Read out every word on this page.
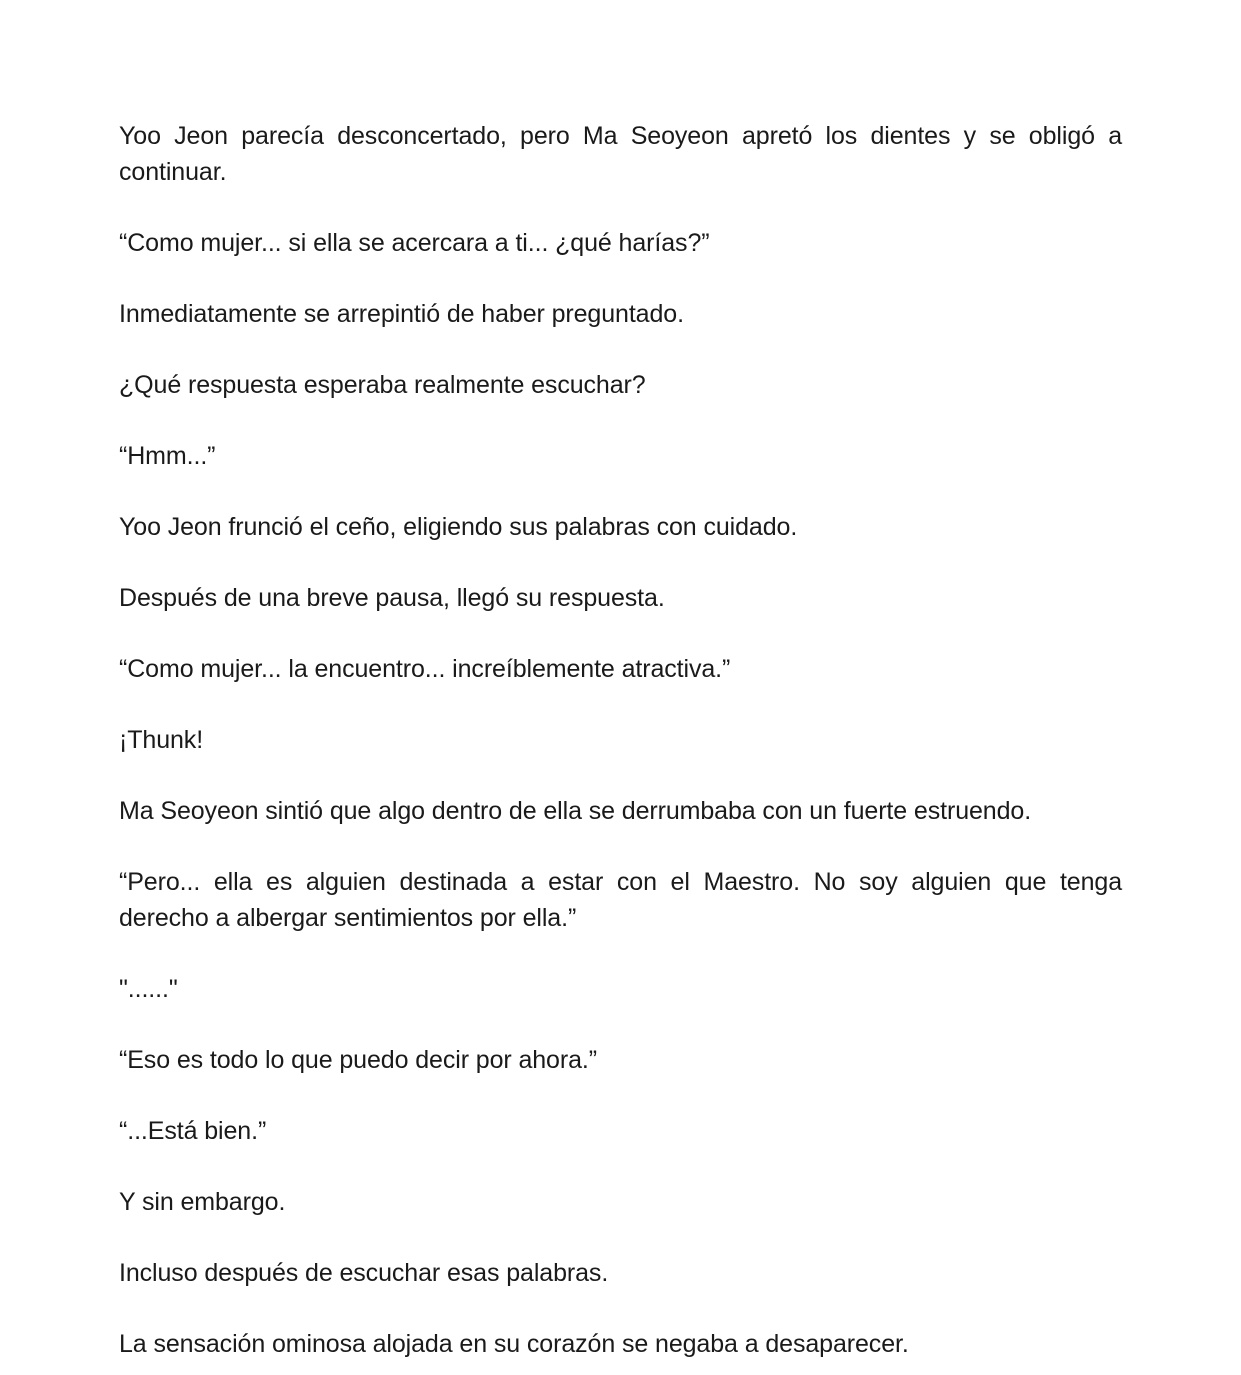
Yoo Jeon parecía desconcertado, pero Ma Seoyeon apretó los dientes y se obligó a continuar.

“Como mujer... si ella se acercara a ti... ¿qué harías?”

Inmediatamente se arrepintió de haber preguntado.

¿Qué respuesta esperaba realmente escuchar?

“Hmm...”

Yoo Jeon frunció el ceño, eligiendo sus palabras con cuidado.

Después de una breve pausa, llegó su respuesta.

“Como mujer... la encuentro... increíblemente atractiva.”

¡Thunk!

Ma Seoyeon sintió que algo dentro de ella se derrumbaba con un fuerte estruendo.

“Pero... ella es alguien destinada a estar con el Maestro. No soy alguien que tenga derecho a albergar sentimientos por ella.”

"......"

“Eso es todo lo que puedo decir por ahora.”

“...Está bien.”

Y sin embargo.

Incluso después de escuchar esas palabras.

La sensación ominosa alojada en su corazón se negaba a desaparecer.
